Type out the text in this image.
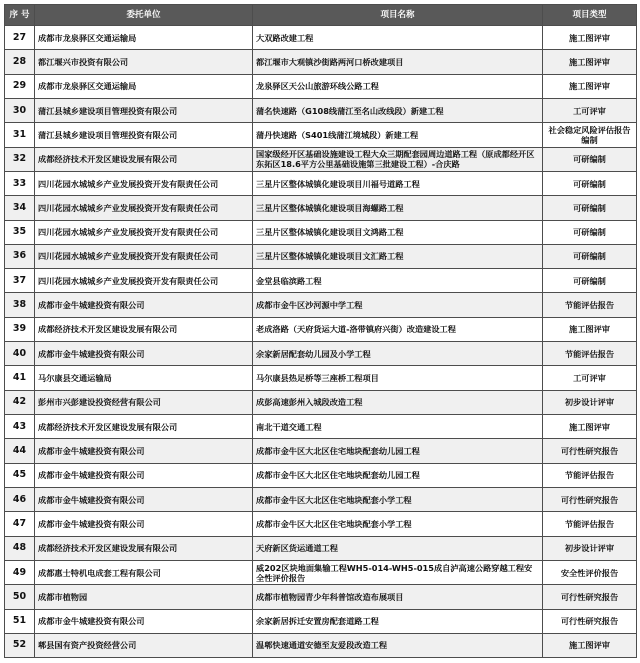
序 号	委托单位	项目名称	项目类型
27	成都市龙泉驿区交通运输局	大双路改建工程	施工图评审
28	都江堰兴市投资有限公司	都江堰市大观镇沙街路两河口桥改建项目	施工图评审
29	成都市龙泉驿区交通运输局	龙泉驿区天公山旅游环线公路工程	施工图评审
30	蒲江县城乡建设项目管理投资有限公司	蒲名快速路（G108线蒲江至名山改线段）新建工程	工可评审
31	蒲江县城乡建设项目管理投资有限公司	蒲丹快速路（S401线蒲江境城段）新建工程	社会稳定风险评估报告编制
32	成都经济技术开发区建设发展有限公司	国家级经开区基础设施建设工程大众三期配套园周边道路工程（原成都经开区东拓区18.6平方公里基础设施第三批建设工程）-合庆路	可研编制
33	四川花园水城城乡产业发展投资开发有限责任公司	三星片区整体城镇化建设项目川福号道路工程	可研编制
34	四川花园水城城乡产业发展投资开发有限责任公司	三星片区整体城镇化建设项目海螺路工程	可研编制
35	四川花园水城城乡产业发展投资开发有限责任公司	三星片区整体城镇化建设项目文鸿路工程	可研编制
36	四川花园水城城乡产业发展投资开发有限责任公司	三星片区整体城镇化建设项目文汇路工程	可研编制
37	四川花园水城城乡产业发展投资开发有限责任公司	金堂县临滨路工程	可研编制
38	成都市金牛城建投资有限公司	成都市金牛区沙河源中学工程	节能评估报告
39	成都经济技术开发区建设发展有限公司	老成洛路（天府货运大道-洛带镇府兴街）改造建设工程	施工图评审
40	成都市金牛城建投资有限公司	余家新居配套幼儿园及小学工程	节能评估报告
41	马尔康县交通运输局	马尔康县热足桥等三座桥工程项目	工可评审
42	彭州市兴彭建设投资经营有限公司	成彭高速彭州入城段改造工程	初步设计评审
43	成都经济技术开发区建设发展有限公司	南北干道交通工程	施工图评审
44	成都市金牛城建投资有限公司	成都市金牛区大北区住宅地块配套幼儿园工程	可行性研究报告
45	成都市金牛城建投资有限公司	成都市金牛区大北区住宅地块配套幼儿园工程	节能评估报告
46	成都市金牛城建投资有限公司	成都市金牛区大北区住宅地块配套小学工程	可行性研究报告
47	成都市金牛城建投资有限公司	成都市金牛区大北区住宅地块配套小学工程	节能评估报告
48	成都经济技术开发区建设发展有限公司	天府新区货运通道工程	初步设计评审
49	成都惠士特机电成套工程有限公司	威202区块地面集输工程WH5-014-WH5-015成自泸高速公路穿越工程安全性评价报告	安全性评价报告
50	成都市植物园	成都市植物园青少年科普馆改造布展项目	可行性研究报告
51	成都市金牛城建投资有限公司	余家新居拆迁安置房配套道路工程	可行性研究报告
52	郫县国有资产投资经营公司	温郫快速通道安德至友爱段改造工程	施工图评审
